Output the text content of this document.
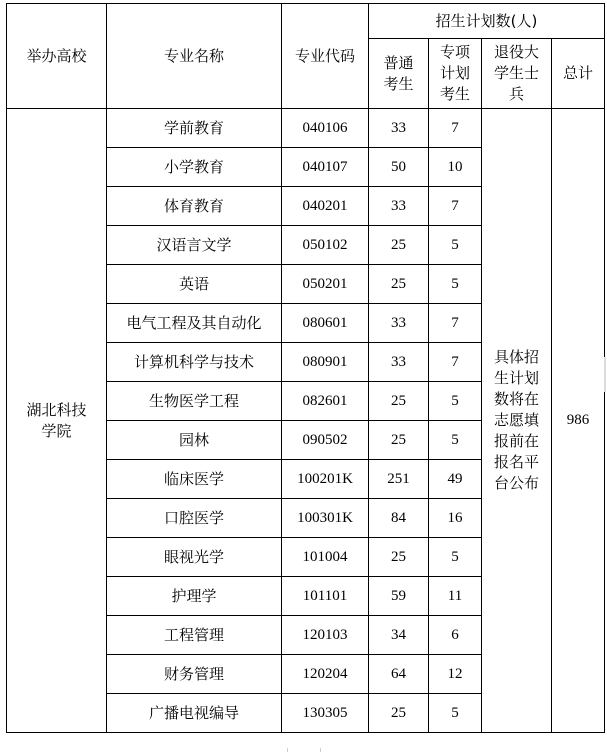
举办高校	专业名称	专业代码	招生计划数(人)			
			普通考生	专项计划考生	退役大学生士兵	总计
湖北科技学院	学前教育	040106	33	7	具体招生计划数将在志愿填报前在报名平台公布	986
	小学教育	040107	50	10		
	体育教育	040201	33	7		
	汉语言文学	050102	25	5		
	英语	050201	25	5		
	电气工程及其自动化	080601	33	7		
	计算机科学与技术	080901	33	7		
	生物医学工程	082601	25	5		
	园林	090502	25	5		
	临床医学	100201K	251	49		
	口腔医学	100301K	84	16		
	眼视光学	101004	25	5		
	护理学	101101	59	11		
	工程管理	120103	34	6		
	财务管理	120204	64	12		
	广播电视编导	130305	25	5		
